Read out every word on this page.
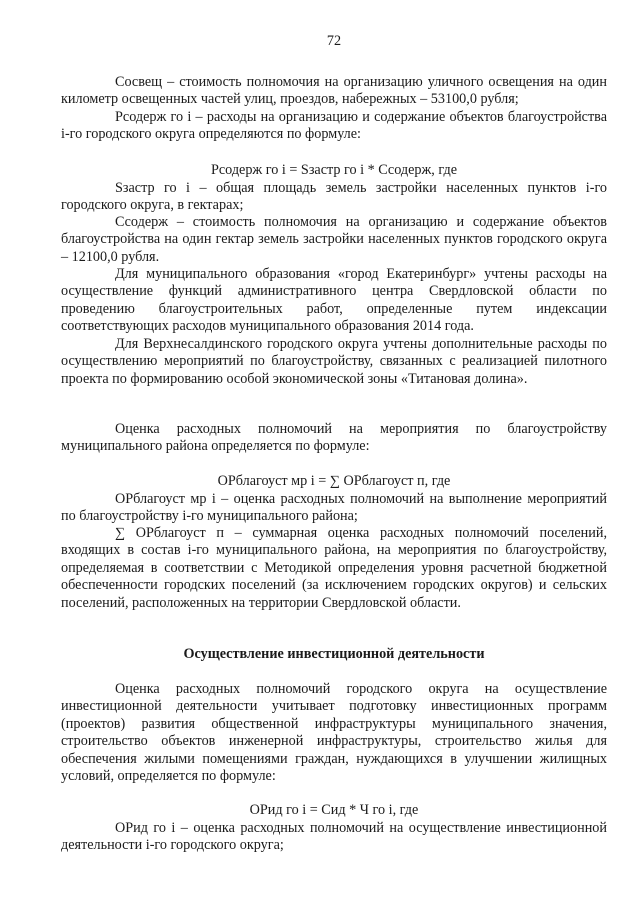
72

Сосвещ – стоимость полномочия на организацию уличного освещения на один километр освещенных частей улиц, проездов, набережных – 53100,0 рубля;

Рсодерж го i – расходы на организацию и содержание объектов благоустройства i-го городского округа определяются по формуле:

Рсодерж го i = Sзастр го i * Ссодерж, где

Sзастр го i – общая площадь земель застройки населенных пунктов i-го городского округа, в гектарах;

Ссодерж – стоимость полномочия на организацию и содержание объектов благоустройства на один гектар земель застройки населенных пунктов городского округа – 12100,0 рубля.

Для муниципального образования «город Екатеринбург» учтены расходы на осуществление функций административного центра Свердловской области по проведению благоустроительных работ, определенные путем индексации соответствующих расходов муниципального образования 2014 года.

Для Верхнесалдинского городского округа учтены дополнительные расходы по осуществлению мероприятий по благоустройству, связанных с реализацией пилотного проекта по формированию особой экономической зоны «Титановая долина».

Оценка расходных полномочий на мероприятия по благоустройству муниципального района определяется по формуле:

ОРблагоуст мр i = ∑ ОРблагоуст п, где

ОРблагоуст мр i – оценка расходных полномочий на выполнение мероприятий по благоустройству i-го муниципального района;

∑ ОРблагоуст п – суммарная оценка расходных полномочий поселений, входящих в состав i-го муниципального района, на мероприятия по благоустройству, определяемая в соответствии с Методикой определения уровня расчетной бюджетной обеспеченности городских поселений (за исключением городских округов) и сельских поселений, расположенных на территории Свердловской области.

Осуществление инвестиционной деятельности

Оценка расходных полномочий городского округа на осуществление инвестиционной деятельности учитывает подготовку инвестиционных программ (проектов) развития общественной инфраструктуры муниципального значения, строительство объектов инженерной инфраструктуры, строительство жилья для обеспечения жилыми помещениями граждан, нуждающихся в улучшении жилищных условий, определяется по формуле:

ОРид го i = Сид * Ч го i, где

ОРид го i – оценка расходных полномочий на осуществление инвестиционной деятельности i-го городского округа;
